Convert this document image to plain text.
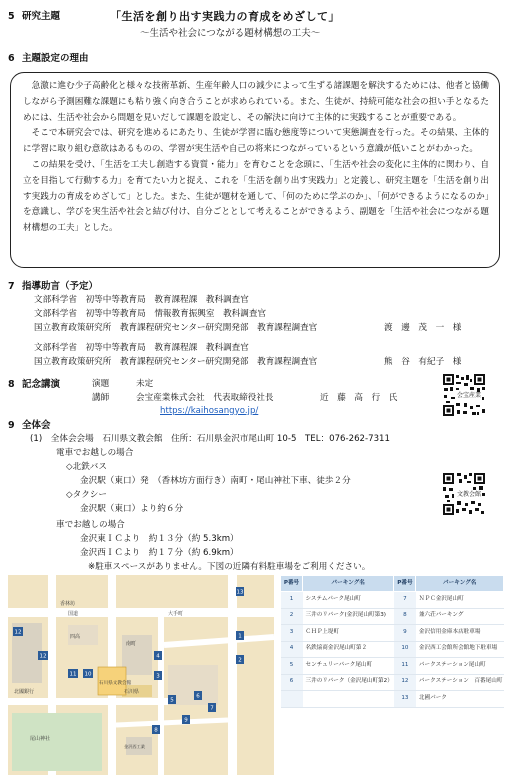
5 研究主題	「生活を創り出す実践力の育成をめざして」
～生活や社会につながる題材構想の工夫～
6 主題設定の理由

急激に進む少子高齢化と様々な技術革新、生産年齢人口の減少によって生ずる諸課題を解決するためには、他者と協働しながら予測困難な課題にも粘り強く向き合うことが求められている。また、生徒が、持続可能な社会の担い手となるためには、生活や社会から問題を見いだして課題を設定し、その解決に向けて主体的に実践することが重要である。

そこで本研究会では、研究を進めるにあたり、生徒が学習に臨む態度等について実態調査を行った。その結果、主体的に学習に取り組む意欲はあるものの、学習が実生活や自己の将来につながっているという意識が低いことがわかった。

この結果を受け、「生活を工夫し創造する資質・能力」を育むことを念頭に、「生活や社会の変化に主体的に関わり、自立を目指して行動する力」を育てたい力と捉え、これを「生活を創り出す実践力」と定義し、研究主題を「生活を創り出す実践力の育成をめざして」とした。また、生徒が題材を通して、「何のために学ぶのか」、「何ができるようになるのか」を意識し、学びを実生活や社会と結び付け、自分ごととして考えることができるよう、副題を「生活や社会につながる題材構想の工夫」とした。

7 指導助言（予定）
文部科学省　初等中等教育局　教育課程課　教科調査官
文部科学省　初等中等教育局　情報教育振興室　教科調査官
国立教育政策研究所　教育課程研究センター研究開発部　教育課程調査官	渡　邊　茂　一　様
文部科学省　初等中等教育局　教育課程課　教科調査官
国立教育政策研究所　教育課程研究センター研究開発部　教育課程調査官	熊　谷　有紀子　様
8 記念講演	演題	未定
講師	会宝産業株式会社　代表取締役社長	近　藤　高　行　氏
https://kaihosangyo.jp/
会宝産業
9 全体会
(1)　全体会会場　石川県文教会館　住所：石川県金沢市尾山町 10-5　TEL：076-262-7311
電車でお越しの場合
◇北鉄バス
金沢駅（東口）発　（香林坊方面行き）南町・尾山神社下車、徒歩２分
◇タクシー
金沢駅（東口）より約６分
車でお越しの場合
金沢東ＩＣより　約１３分（約 5.3km）
金沢西ＩＣより　約１７分（約 6.9km）
※駐車スペースがありません。下図の近隣有料駐車場をご利用ください。
文教会館
12
12
11 10
4
3
5
6
7
9
8
1
2
13
香林坊
国道
南町
大手町
尾山神社
北國銀行
石川県文教会館
金沢西工業
四高
石川県
P番号	パーキング名	P番号	パーキング名
1	システムパーク尾山町	7	ＮＰＣ金沢尾山町
2	三井のリパーク(金沢尾山町第3)	8	兼六荘パーキング
3	ＣＨＰ上堤町	9	金沢信用金庫本店駐車場
4	名鉄協商金沢尾山町第２	10	金沢西工会館所会館地下駐車場
5	センチュリーパーク尾山町	11	パークステーション尾山町
6	三井のリパーク（金沢尾山町第2）	12	パークステーション　百番尾山町
		13	北國パーク
